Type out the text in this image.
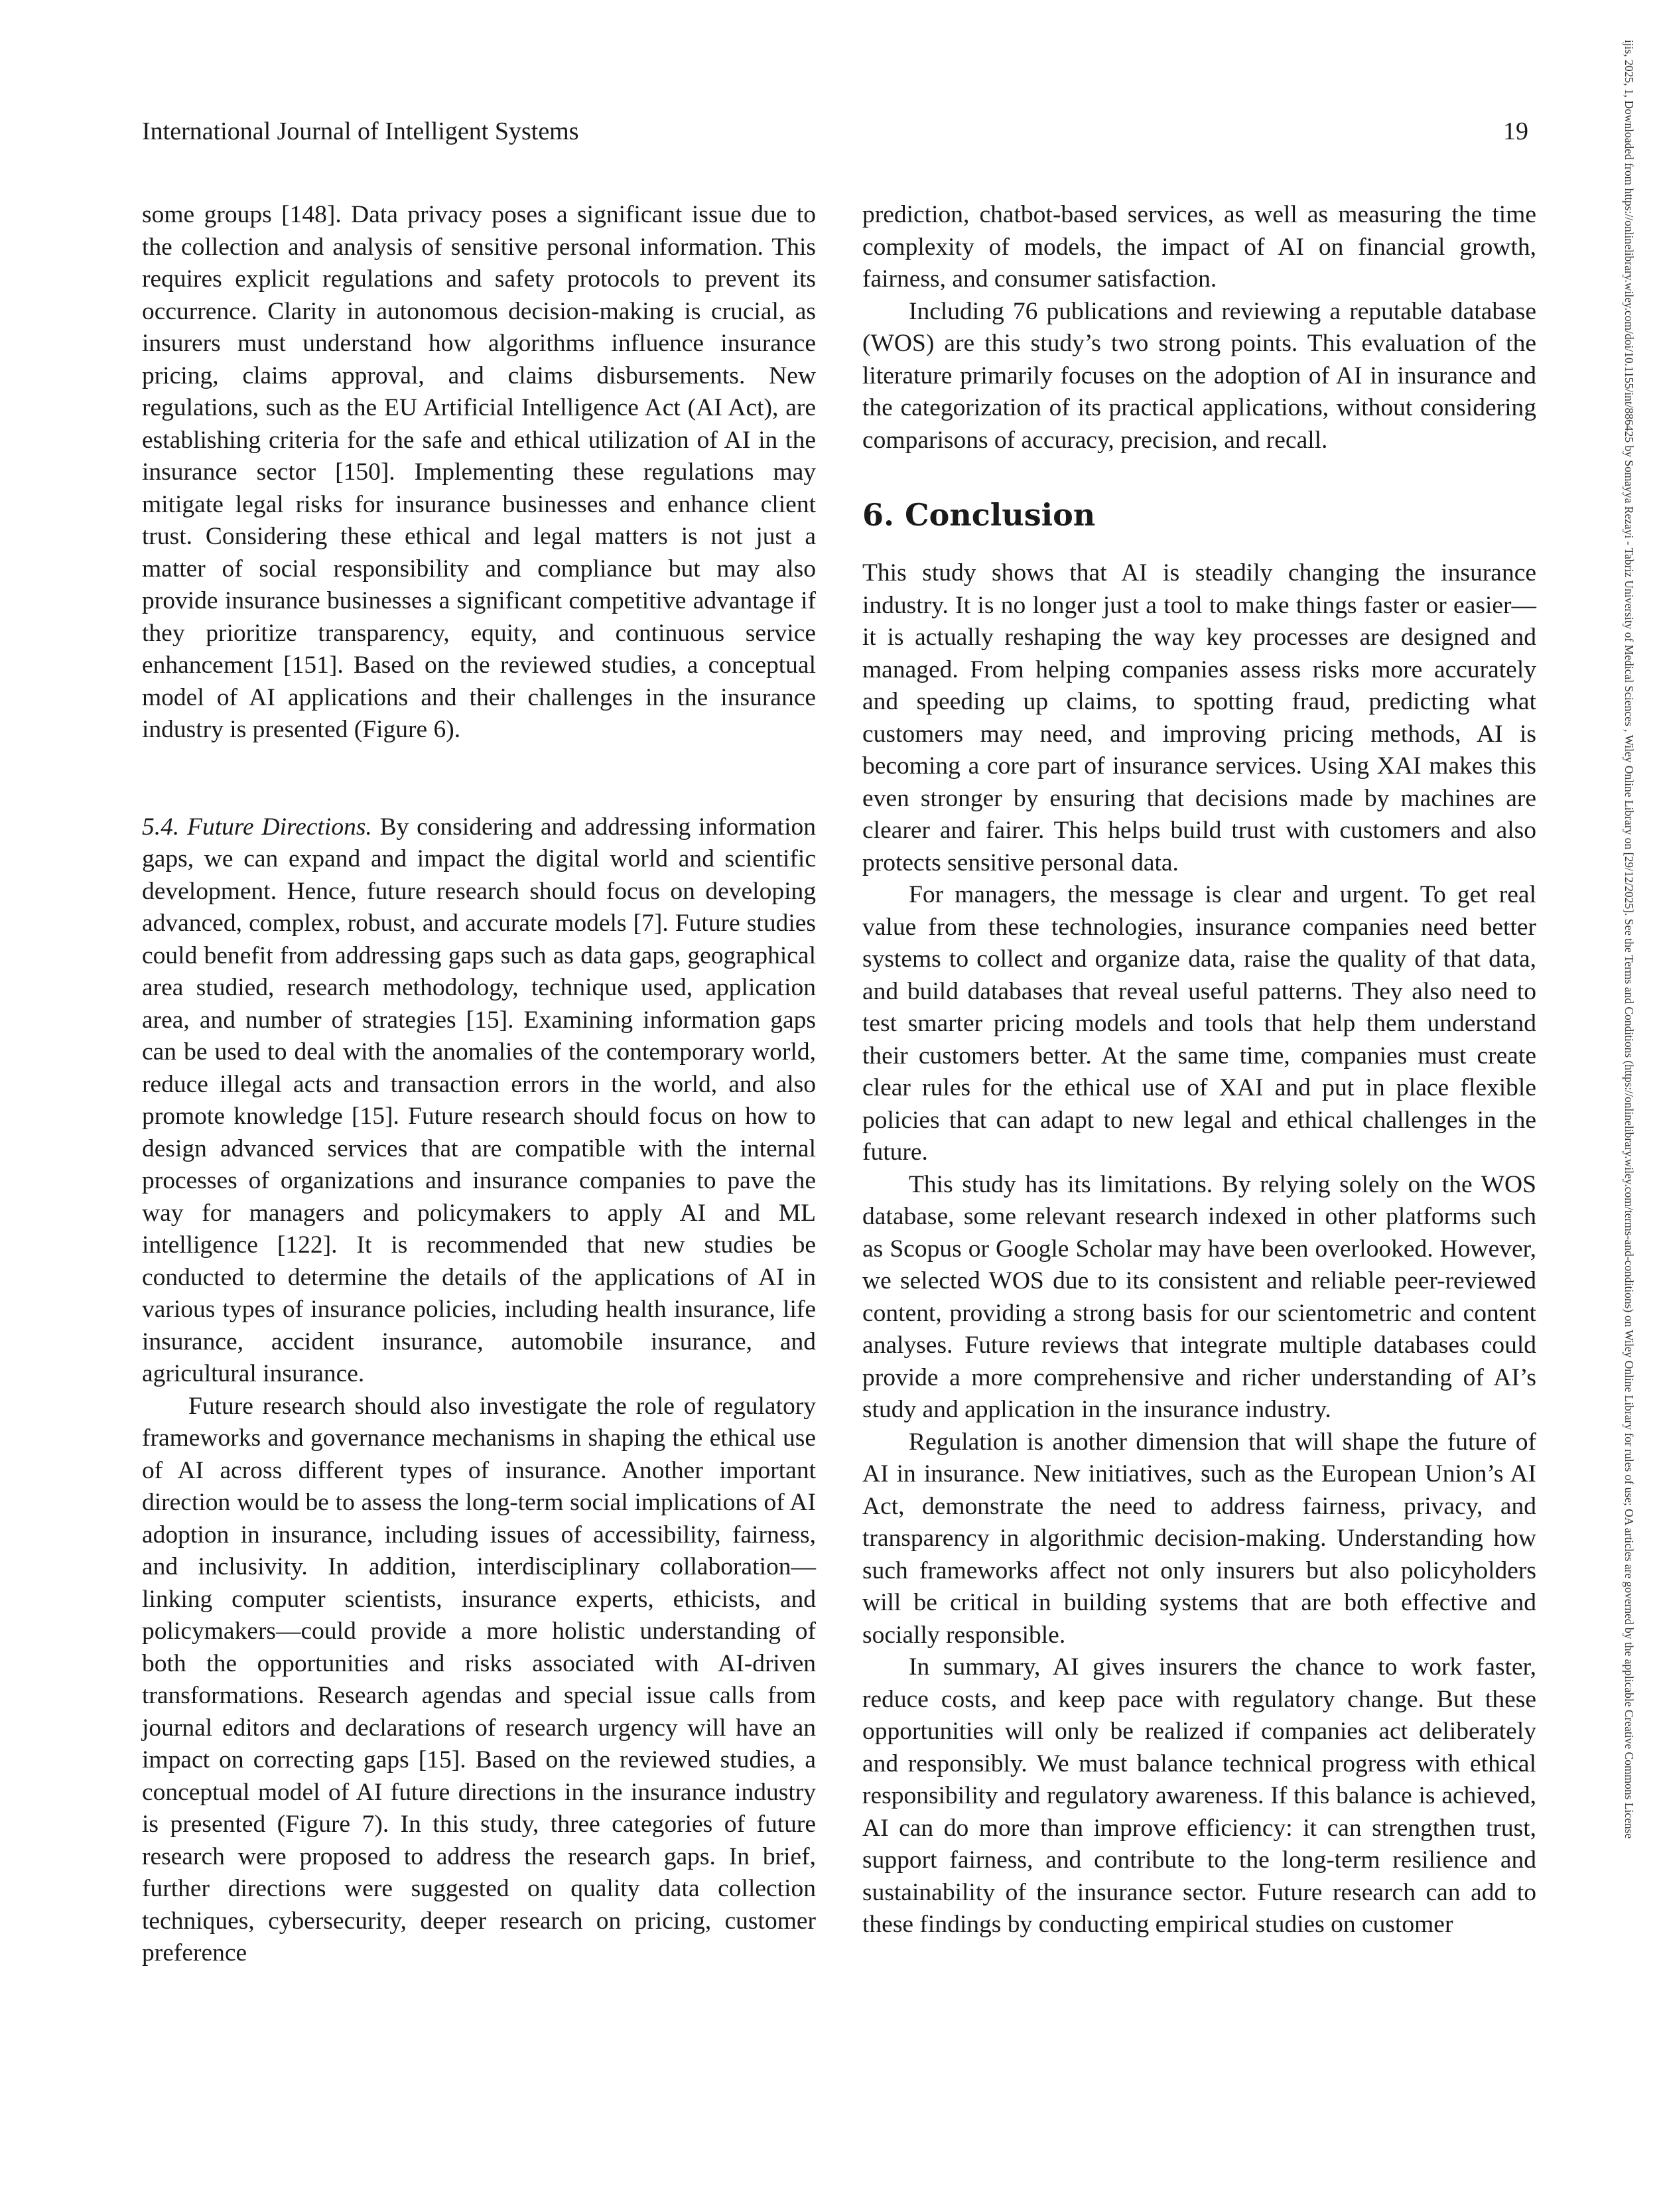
International Journal of Intelligent Systems	19

some groups [148]. Data privacy poses a significant issue due to the collection and analysis of sensitive personal information. This requires explicit regulations and safety protocols to prevent its occurrence. Clarity in autonomous decision-making is crucial, as insurers must understand how algorithms influence insurance pricing, claims approval, and claims disbursements. New regulations, such as the EU Artificial Intelligence Act (AI Act), are establishing criteria for the safe and ethical utilization of AI in the insurance sector [150]. Implementing these regulations may mitigate legal risks for insurance businesses and enhance client trust. Considering these ethical and legal matters is not just a matter of social responsibility and compliance but may also provide insurance businesses a significant competitive advantage if they prioritize transparency, equity, and continuous service enhancement [151]. Based on the reviewed studies, a conceptual model of AI applications and their challenges in the insurance industry is presented (Figure 6).

5.4. Future Directions. By considering and addressing information gaps, we can expand and impact the digital world and scientific development. Hence, future research should focus on developing advanced, complex, robust, and accurate models [7]. Future studies could benefit from addressing gaps such as data gaps, geographical area studied, research methodology, technique used, application area, and number of strategies [15]. Examining information gaps can be used to deal with the anomalies of the contemporary world, reduce illegal acts and transaction errors in the world, and also promote knowledge [15]. Future research should focus on how to design advanced services that are compatible with the internal processes of organizations and insurance companies to pave the way for managers and policymakers to apply AI and ML intelligence [122]. It is recommended that new studies be conducted to determine the details of the applications of AI in various types of insurance policies, including health insurance, life insurance, accident insurance, automobile insurance, and agricultural insurance.

Future research should also investigate the role of regulatory frameworks and governance mechanisms in shaping the ethical use of AI across different types of insurance. Another important direction would be to assess the long-term social implications of AI adoption in insurance, including issues of accessibility, fairness, and inclusivity. In addition, interdisciplinary collaboration—linking computer scientists, insurance experts, ethicists, and policymakers—could provide a more holistic understanding of both the opportunities and risks associated with AI-driven transformations. Research agendas and special issue calls from journal editors and declarations of research urgency will have an impact on correcting gaps [15]. Based on the reviewed studies, a conceptual model of AI future directions in the insurance industry is presented (Figure 7). In this study, three categories of future research were proposed to address the research gaps. In brief, further directions were suggested on quality data collection techniques, cybersecurity, deeper research on pricing, customer preference

prediction, chatbot-based services, as well as measuring the time complexity of models, the impact of AI on financial growth, fairness, and consumer satisfaction.

Including 76 publications and reviewing a reputable database (WOS) are this study’s two strong points. This evaluation of the literature primarily focuses on the adoption of AI in insurance and the categorization of its practical applications, without considering comparisons of accuracy, precision, and recall.

6. Conclusion

This study shows that AI is steadily changing the insurance industry. It is no longer just a tool to make things faster or easier—it is actually reshaping the way key processes are designed and managed. From helping companies assess risks more accurately and speeding up claims, to spotting fraud, predicting what customers may need, and improving pricing methods, AI is becoming a core part of insurance services. Using XAI makes this even stronger by ensuring that decisions made by machines are clearer and fairer. This helps build trust with customers and also protects sensitive personal data.

For managers, the message is clear and urgent. To get real value from these technologies, insurance companies need better systems to collect and organize data, raise the quality of that data, and build databases that reveal useful patterns. They also need to test smarter pricing models and tools that help them understand their customers better. At the same time, companies must create clear rules for the ethical use of XAI and put in place flexible policies that can adapt to new legal and ethical challenges in the future.

This study has its limitations. By relying solely on the WOS database, some relevant research indexed in other platforms such as Scopus or Google Scholar may have been overlooked. However, we selected WOS due to its consistent and reliable peer-reviewed content, providing a strong basis for our scientometric and content analyses. Future reviews that integrate multiple databases could provide a more comprehensive and richer understanding of AI’s study and application in the insurance industry.

Regulation is another dimension that will shape the future of AI in insurance. New initiatives, such as the European Union’s AI Act, demonstrate the need to address fairness, privacy, and transparency in algorithmic decision-making. Understanding how such frameworks affect not only insurers but also policyholders will be critical in building systems that are both effective and socially responsible.

In summary, AI gives insurers the chance to work faster, reduce costs, and keep pace with regulatory change. But these opportunities will only be realized if companies act deliberately and responsibly. We must balance technical progress with ethical responsibility and regulatory awareness. If this balance is achieved, AI can do more than improve efficiency: it can strengthen trust, support fairness, and contribute to the long-term resilience and sustainability of the insurance sector. Future research can add to these findings by conducting empirical studies on customer

ijis, 2025, 1, Downloaded from https://onlinelibrary.wiley.com/doi/10.1155/int/886425 by Somayya Rezayi - Tabriz University of Medical Sciences , Wiley Online Library on [29/12/2025]. See the Terms and Conditions (https://onlinelibrary.wiley.com/terms-and-conditions) on Wiley Online Library for rules of use; OA articles are governed by the applicable Creative Commons License
